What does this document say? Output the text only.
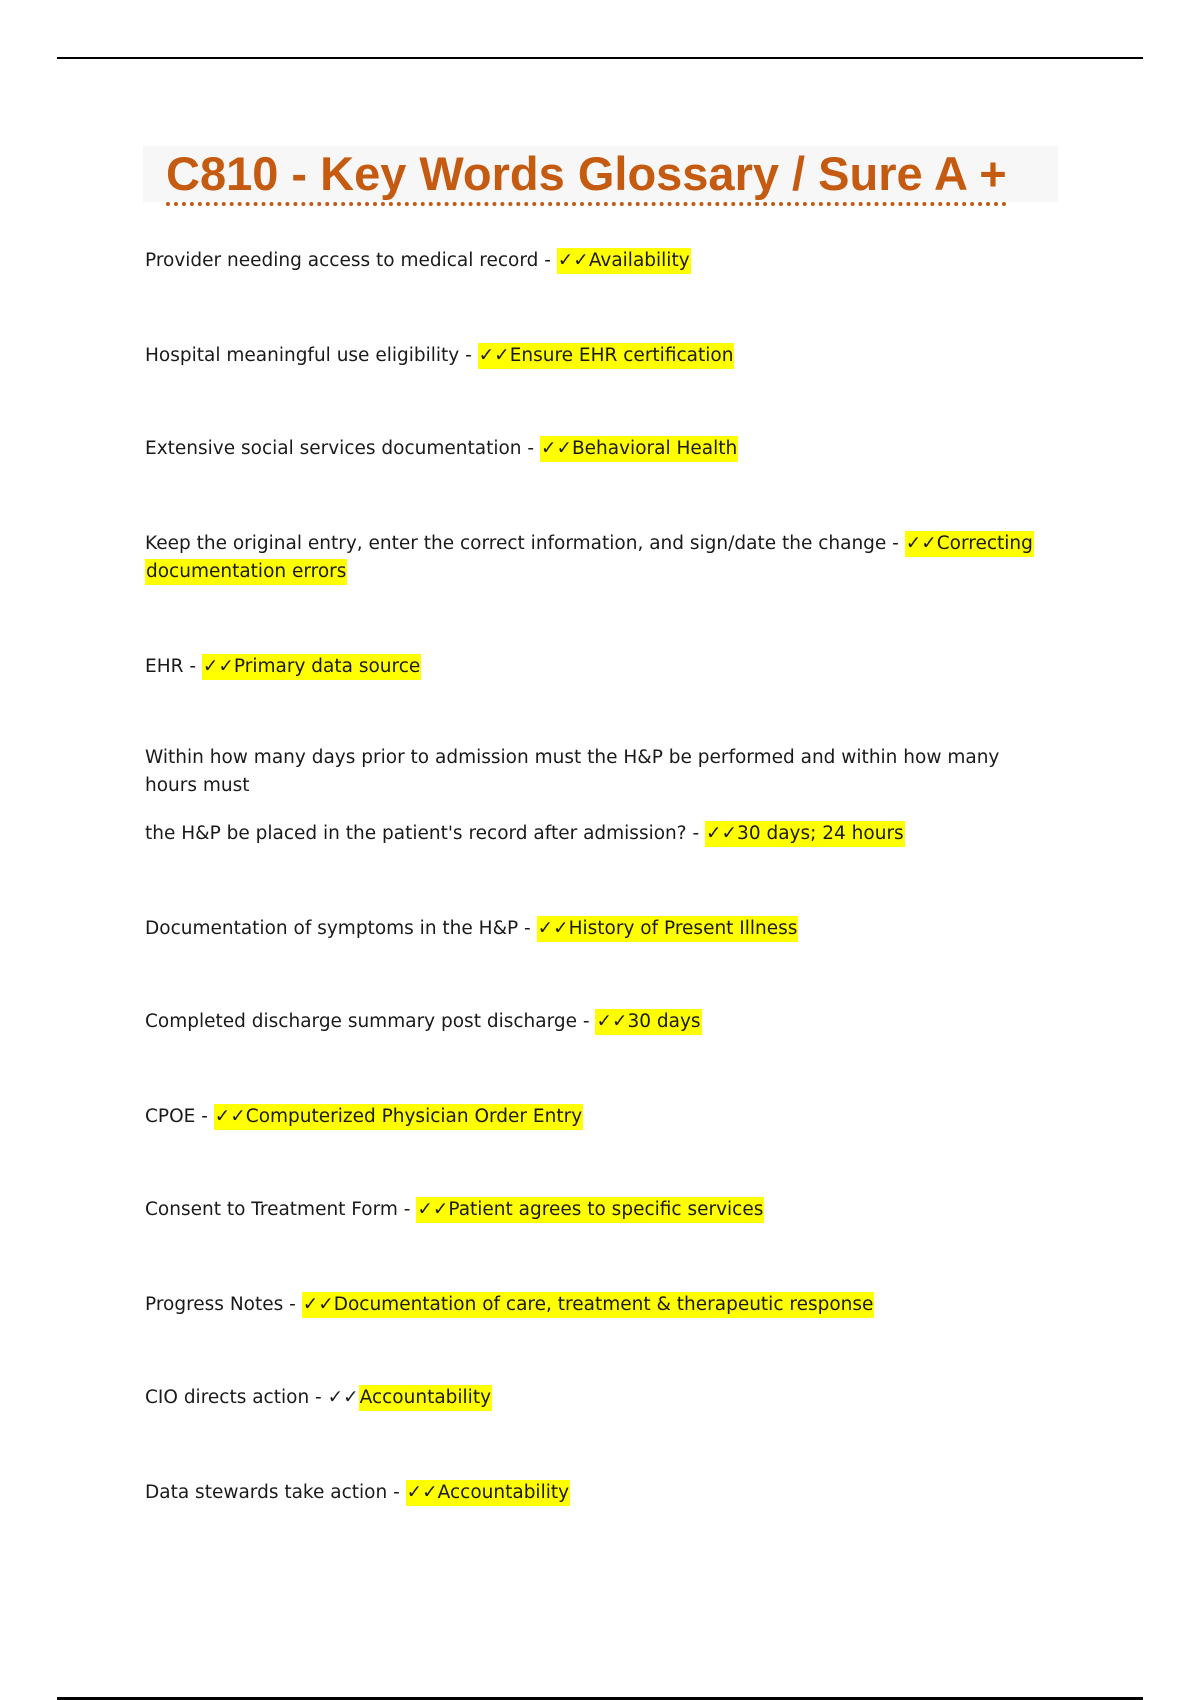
C810 - Key Words Glossary / Sure A +
Provider needing access to medical record - ✓✓Availability
Hospital meaningful use eligibility - ✓✓Ensure EHR certification
Extensive social services documentation - ✓✓Behavioral Health
Keep the original entry, enter the correct information, and sign/date the change - ✓✓Correcting documentation errors
EHR - ✓✓Primary data source
Within how many days prior to admission must the H&P be performed and within how many hours must
the H&P be placed in the patient's record after admission? - ✓✓30 days; 24 hours
Documentation of symptoms in the H&P - ✓✓History of Present Illness
Completed discharge summary post discharge - ✓✓30 days
CPOE - ✓✓Computerized Physician Order Entry
Consent to Treatment Form - ✓✓Patient agrees to specific services
Progress Notes - ✓✓Documentation of care, treatment & therapeutic response
CIO directs action - ✓✓Accountability
Data stewards take action - ✓✓Accountability
